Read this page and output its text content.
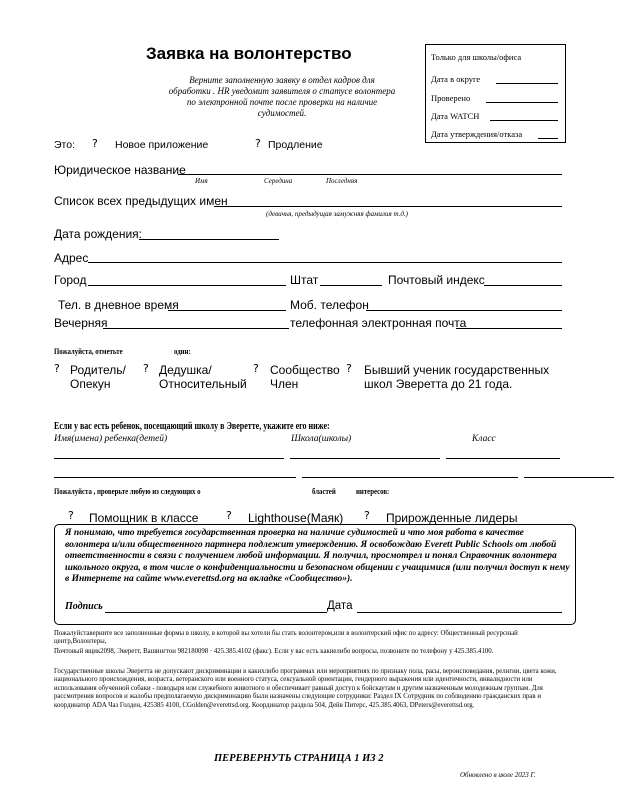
Заявка на волонтерство
Верните заполненную заявку в отдел кадров для обработки . HR уведомит заявителя о статусе волонтера по электронной почте после проверки на наличие судимостей.
Только для школы/офиса
Дата в округе
Проверено
Дата WATCH
Дата утверждения/отказа
Это: ? Новое приложение	? Продление
Юридическое название
Имя	Середина	Последняя
Список всех предыдущих имен
(девичья, предыдущая замужняя фамилия т.д.)
Дата рождения:
Адрес
Город	Штат	Почтовый индекс
Тел. в дневное время	Моб. телефон
Вечерняя	телефонная электронная почта
Пожалуйста, отметьте	один:
? Родитель/ Опекун
? Дедушка/ Относительный
? Сообщество Член
? Бывший ученик государственных школ Эверетта до 21 года.
Если у вас есть ребенок, посещающий школу в Эверетте, укажите его ниже:
Имя(имена) ребенка(детей)	Школа(школы)	Класс
Пожалуйста , проверьте любую из следующих о	бластей интересов:
? Помощник в классе	? Lighthouse(Маяк) ? Прирожденные лидеры
Я понимаю, что требуется государственная проверка на наличие судимостей и что моя работа в качестве волонтера и/или общественного партнера подлежит утверждению. Я освобождаю Everett Public Schools от любой ответственности в связи с получением любой информации. Я получил, просмотрел и понял Справочник волонтера школьного округа, в том числе о конфиденциальности и безопасном общении с учащимися (или получил доступ к нему в Интернете на сайте www.everettsd.org на вкладке «Сообщество»).
Подпись	Дата
Пожалуйставерните все заполненные формы в школу, в которой вы хотели бы стать волонтером,или в волонтерский офис по адресу: Общественный ресурсный центр,Волонтеры,
Почтовый ящик2098, Эверетт, Вашингтон 982180098 · 425.385.4102 (факс). Если у вас есть какиелибо вопросы, позвоните по телефону у 425.385.4100.
Государственные школы Эверетта не допускают дискриминации в какихлибо программах или мероприятиях по признаку пола, расы, вероисповедания, религии, цвета кожи, национального происхождения, возраста, ветеранского или военного статуса, сексуальной ориентации, гендерного выражения или идентичности, инвалидности или использования обученной собаки - поводыря или служебного животного и обеспечивает равный доступ к бойскаутам и другим назначенным молодежным группам. Для рассмотрения вопросов и жалобы предполагаемую дискриминацию были назначены следующие сотрудники: Раздел IX Сотрудник по соблюдению гражданских прав и координатор ADA Чаз Голден, 425385 4100, CGolden@everettsd.org. Координатор раздела 504, Дейв Питерс, 425.385.4063, DPeters@everettsd.org.
ПЕРЕВЕРНУТЬ СТРАНИЦА 1 ИЗ 2
Обновлено в июле 2023 Г.
